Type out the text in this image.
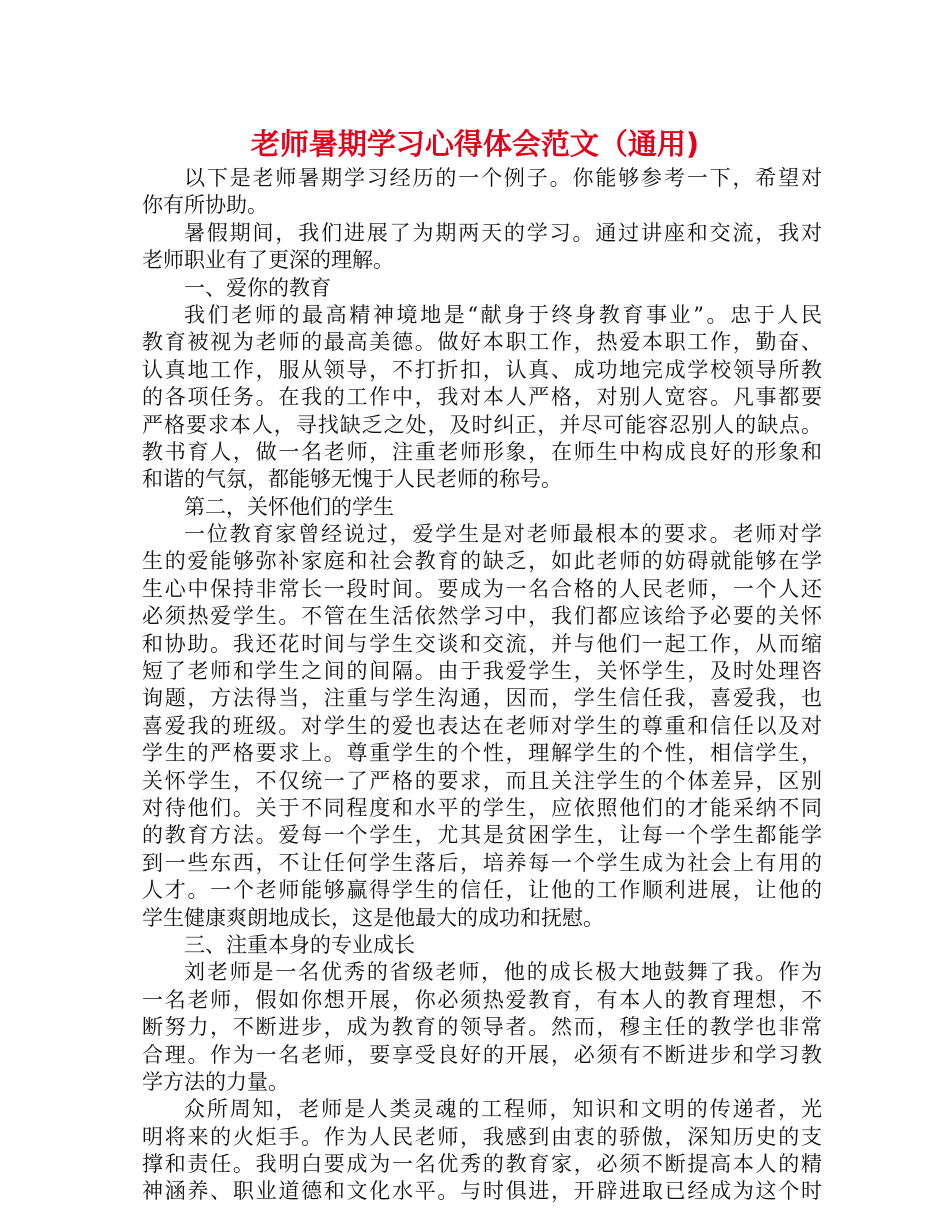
老师暑期学习心得体会范文（通用)
以下是老师暑期学习经历的一个例子。你能够参考一下，希望对
你有所协助。
暑假期间，我们进展了为期两天的学习。通过讲座和交流，我对
老师职业有了更深的理解。
一、爱你的教育
我们老师的最高精神境地是“献身于终身教育事业”。忠于人民
教育被视为老师的最高美德。做好本职工作，热爱本职工作，勤奋、
认真地工作，服从领导，不打折扣，认真、成功地完成学校领导所教
的各项任务。在我的工作中，我对本人严格，对别人宽容。凡事都要
严格要求本人，寻找缺乏之处，及时纠正，并尽可能容忍别人的缺点。
教书育人，做一名老师，注重老师形象，在师生中构成良好的形象和
和谐的气氛，都能够无愧于人民老师的称号。
第二，关怀他们的学生
一位教育家曾经说过，爱学生是对老师最根本的要求。老师对学
生的爱能够弥补家庭和社会教育的缺乏，如此老师的妨碍就能够在学
生心中保持非常长一段时间。要成为一名合格的人民老师，一个人还
必须热爱学生。不管在生活依然学习中，我们都应该给予必要的关怀
和协助。我还花时间与学生交谈和交流，并与他们一起工作，从而缩
短了老师和学生之间的间隔。由于我爱学生，关怀学生，及时处理咨
询题，方法得当，注重与学生沟通，因而，学生信任我，喜爱我，也
喜爱我的班级。对学生的爱也表达在老师对学生的尊重和信任以及对
学生的严格要求上。尊重学生的个性，理解学生的个性，相信学生，
关怀学生，不仅统一了严格的要求，而且关注学生的个体差异，区别
对待他们。关于不同程度和水平的学生，应依照他们的才能采纳不同
的教育方法。爱每一个学生，尤其是贫困学生，让每一个学生都能学
到一些东西，不让任何学生落后，培养每一个学生成为社会上有用的
人才。一个老师能够赢得学生的信任，让他的工作顺利进展，让他的
学生健康爽朗地成长，这是他最大的成功和抚慰。
三、注重本身的专业成长
刘老师是一名优秀的省级老师，他的成长极大地鼓舞了我。作为
一名老师，假如你想开展，你必须热爱教育，有本人的教育理想，不
断努力，不断进步，成为教育的领导者。然而，穆主任的教学也非常
合理。作为一名老师，要享受良好的开展，必须有不断进步和学习教
学方法的力量。
众所周知，老师是人类灵魂的工程师，知识和文明的传递者，光
明将来的火炬手。作为人民老师，我感到由衷的骄傲，深知历史的支
撑和责任。我明白要成为一名优秀的教育家，必须不断提高本人的精
神涵养、职业道德和文化水平。与时俱进，开辟进取已经成为这个时
